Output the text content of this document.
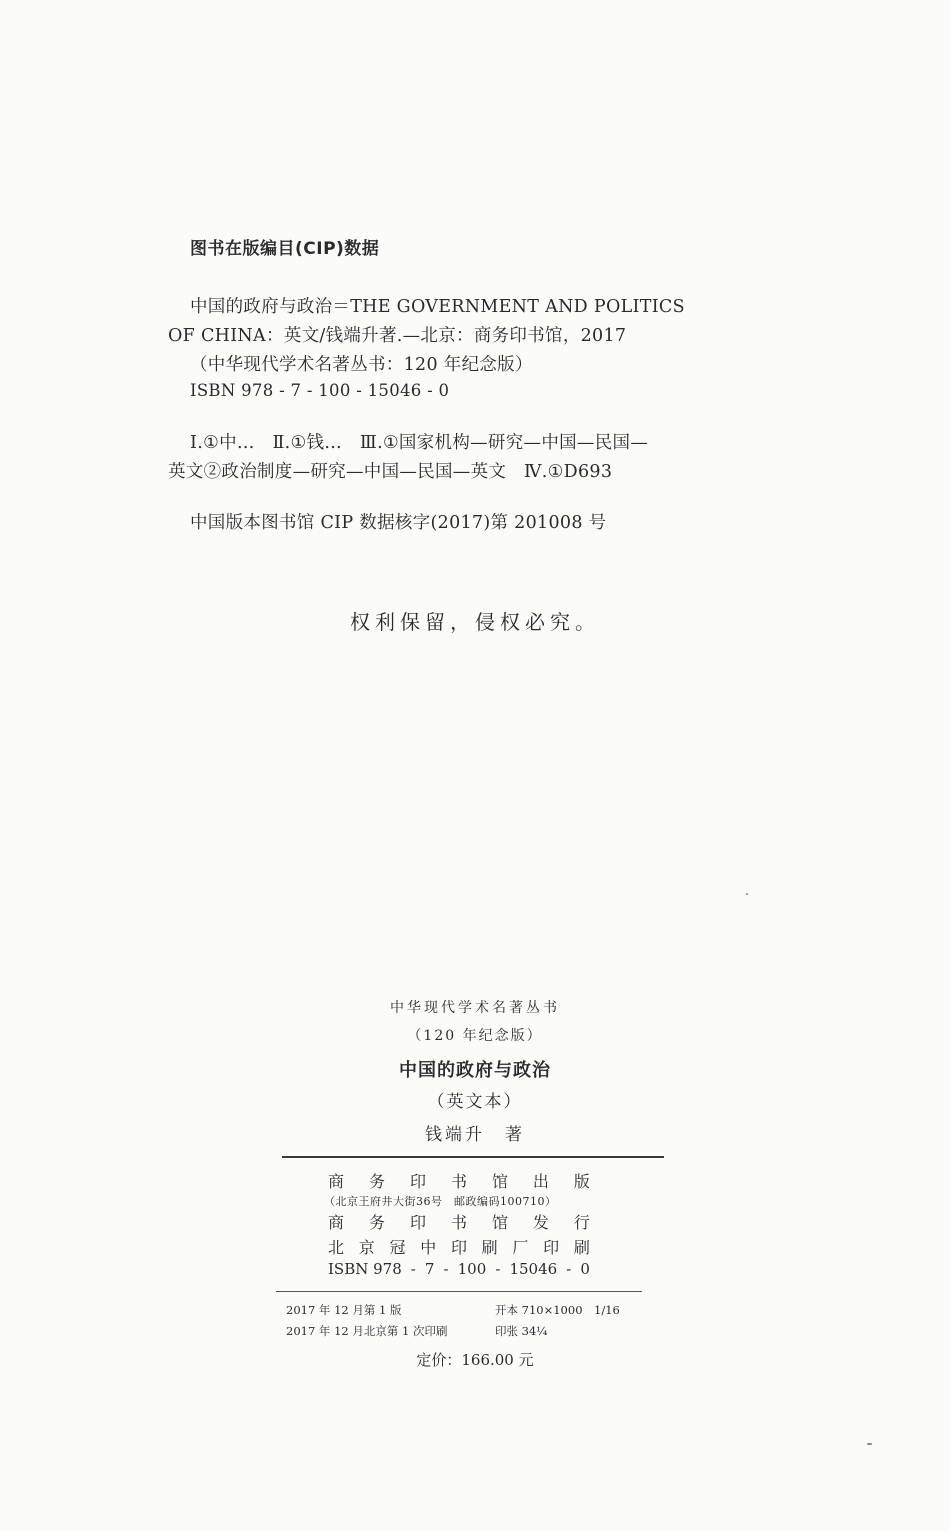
图书在版编目(CIP)数据
中国的政府与政治＝THE GOVERNMENT AND POLITICS
OF CHINA：英文/钱端升著.—北京：商务印书馆，2017
（中华现代学术名著丛书：120 年纪念版）
ISBN 978 - 7 - 100 - 15046 - 0
Ⅰ.①中…　Ⅱ.①钱…　Ⅲ.①国家机构—研究—中国—民国—
英文②政治制度—研究—中国—民国—英文　Ⅳ.①D693
中国版本图书馆 CIP 数据核字(2017)第 201008 号
权利保留，侵权必究。
中华现代学术名著丛书
（120 年纪念版）
中国的政府与政治
（英文本）
钱端升　著
商 务 印 书 馆 出 版
（北京王府井大街36号　邮政编码100710）
商 务 印 书 馆 发 行
北 京 冠 中 印 刷 厂 印 刷
ISBN 978 - 7 - 100 - 15046 - 0
2017 年 12 月第 1 版	开本 710×1000　1/16
2017 年 12 月北京第 1 次印刷	印张 34¼
定价：166.00 元
